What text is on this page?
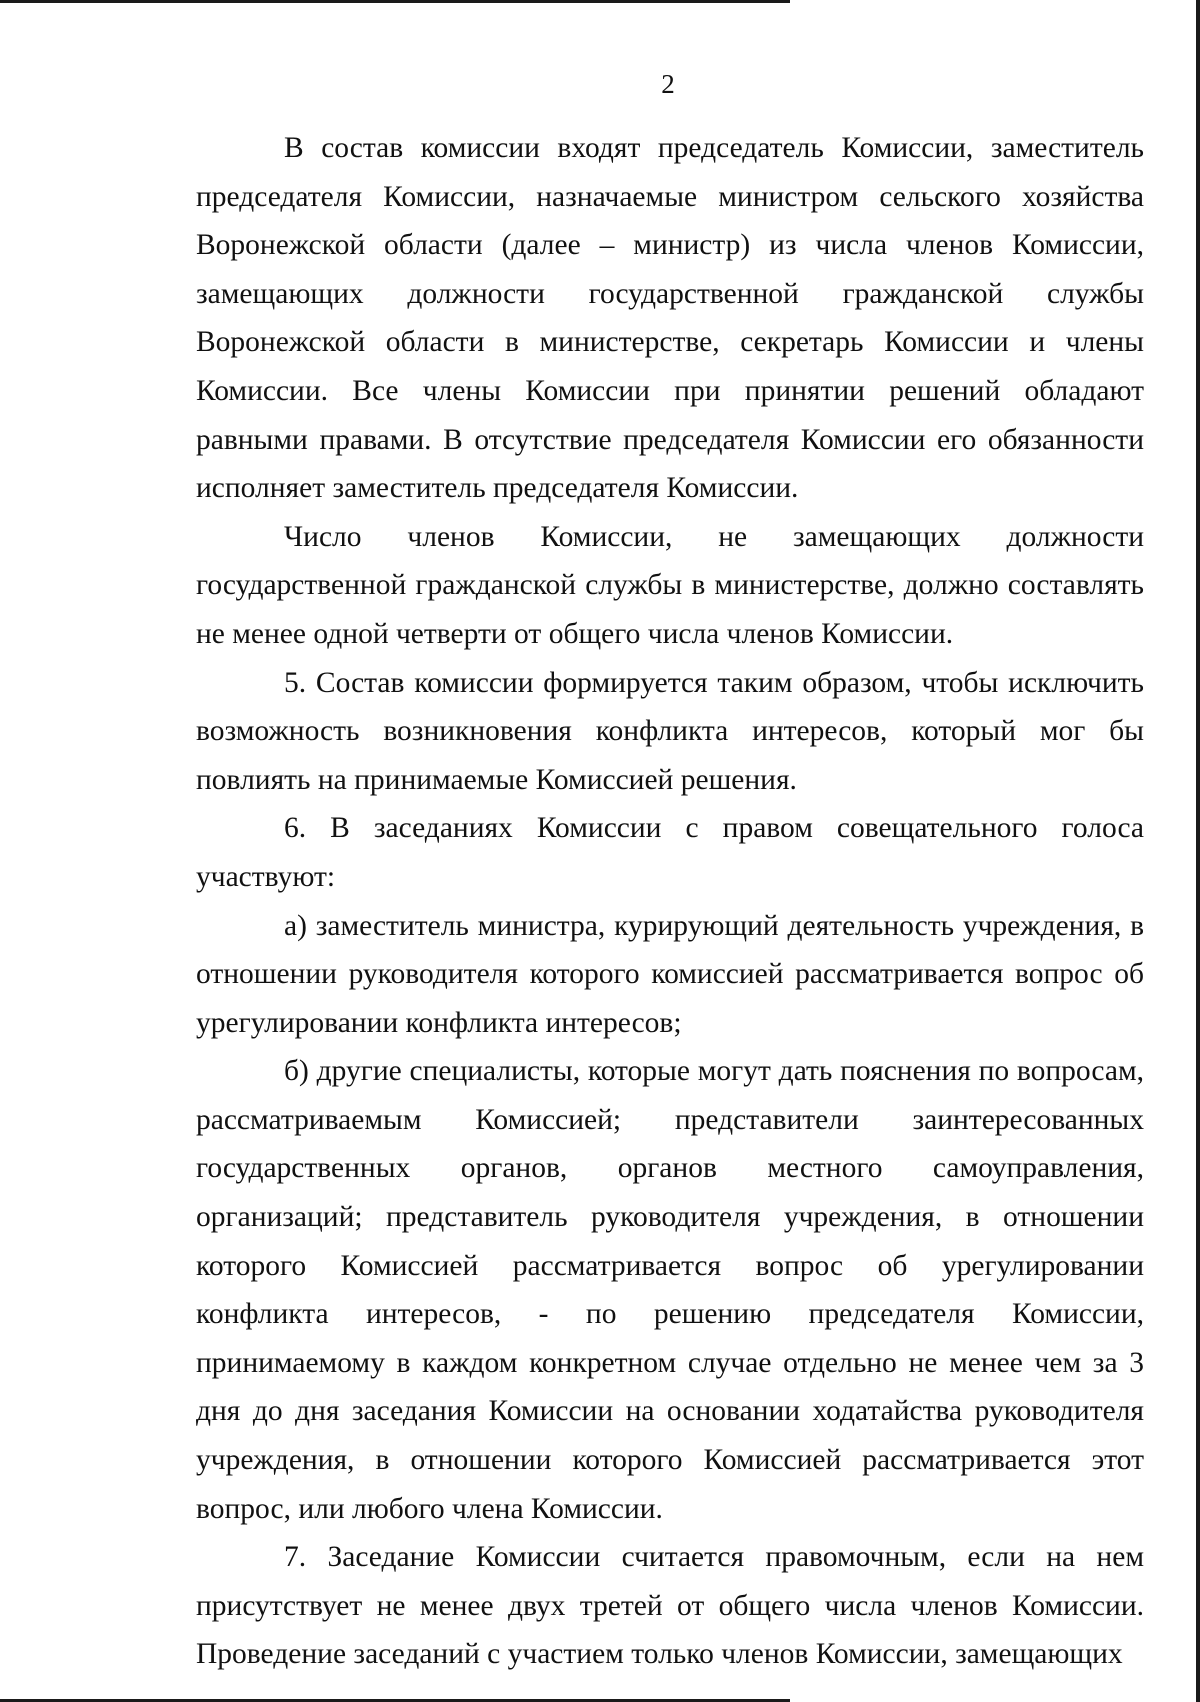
2

В состав комиссии входят председатель Комиссии, заместитель председателя Комиссии, назначаемые министром сельского хозяйства Воронежской области (далее – министр) из числа членов Комиссии, замещающих должности государственной гражданской службы Воронежской области в министерстве, секретарь Комиссии и члены Комиссии. Все члены Комиссии при принятии решений обладают равными правами. В отсутствие председателя Комиссии его обязанности исполняет заместитель председателя Комиссии.

Число членов Комиссии, не замещающих должности государственной гражданской службы в министерстве, должно составлять не менее одной четверти от общего числа членов Комиссии.

5. Состав комиссии формируется таким образом, чтобы исключить возможность возникновения конфликта интересов, который мог бы повлиять на принимаемые Комиссией решения.

6. В заседаниях Комиссии с правом совещательного голоса участвуют:

а) заместитель министра, курирующий деятельность учреждения, в отношении руководителя которого комиссией рассматривается вопрос об урегулировании конфликта интересов;

б) другие специалисты, которые могут дать пояснения по вопросам, рассматриваемым Комиссией; представители заинтересованных государственных органов, органов местного самоуправления, организаций; представитель руководителя учреждения, в отношении которого Комиссией рассматривается вопрос об урегулировании конфликта интересов, - по решению председателя Комиссии, принимаемому в каждом конкретном случае отдельно не менее чем за 3 дня до дня заседания Комиссии на основании ходатайства руководителя учреждения, в отношении которого Комиссией рассматривается этот вопрос, или любого члена Комиссии.

7. Заседание Комиссии считается правомочным, если на нем присутствует не менее двух третей от общего числа членов Комиссии. Проведение заседаний с участием только членов Комиссии, замещающих
